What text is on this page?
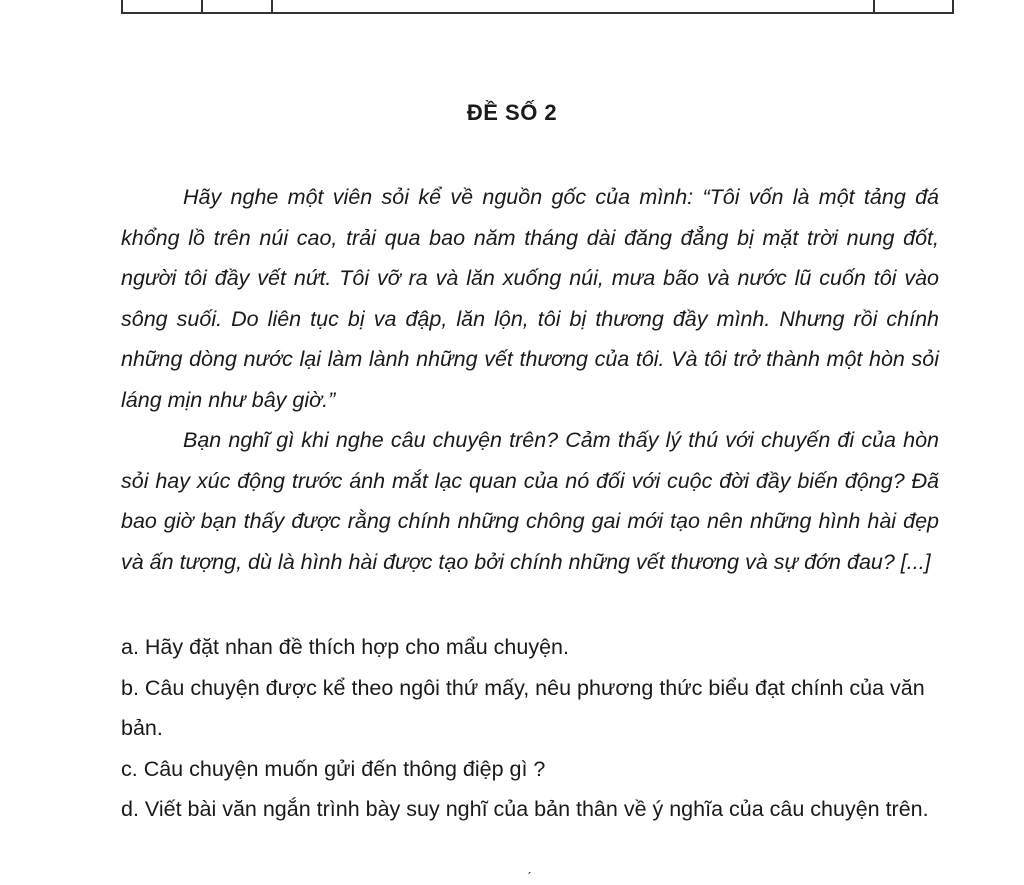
ĐỀ SỐ 2

Hãy nghe một viên sỏi kể về nguồn gốc của mình: “Tôi vốn là một tảng đá khổng lồ trên núi cao, trải qua bao năm tháng dài đăng đẳng bị mặt trời nung đốt, người tôi đầy vết nứt. Tôi vỡ ra và lăn xuống núi, mưa bão và nước lũ cuốn tôi vào sông suối. Do liên tục bị va đập, lăn lộn, tôi bị thương đầy mình. Nhưng rồi chính những dòng nước lại làm lành những vết thương của tôi. Và tôi trở thành một hòn sỏi láng mịn như bây giờ.”

Bạn nghĩ gì khi nghe câu chuyện trên? Cảm thấy lý thú với chuyến đi của hòn sỏi hay xúc động trước ánh mắt lạc quan của nó đối với cuộc đời đầy biến động? Đã bao giờ bạn thấy được rằng chính những chông gai mới tạo nên những hình hài đẹp và ấn tượng, dù là hình hài được tạo bởi chính những vết thương và sự đớn đau? [...]

a. Hãy đặt nhan đề thích hợp cho mẩu chuyện.

b. Câu chuyện được kể theo ngôi thứ mấy, nêu phương thức biểu đạt chính của văn bản.

c. Câu chuyện muốn gửi đến thông điệp gì ?

d. Viết bài văn ngắn trình bày suy nghĩ của bản thân về ý nghĩa của câu chuyện trên.

ˊ
